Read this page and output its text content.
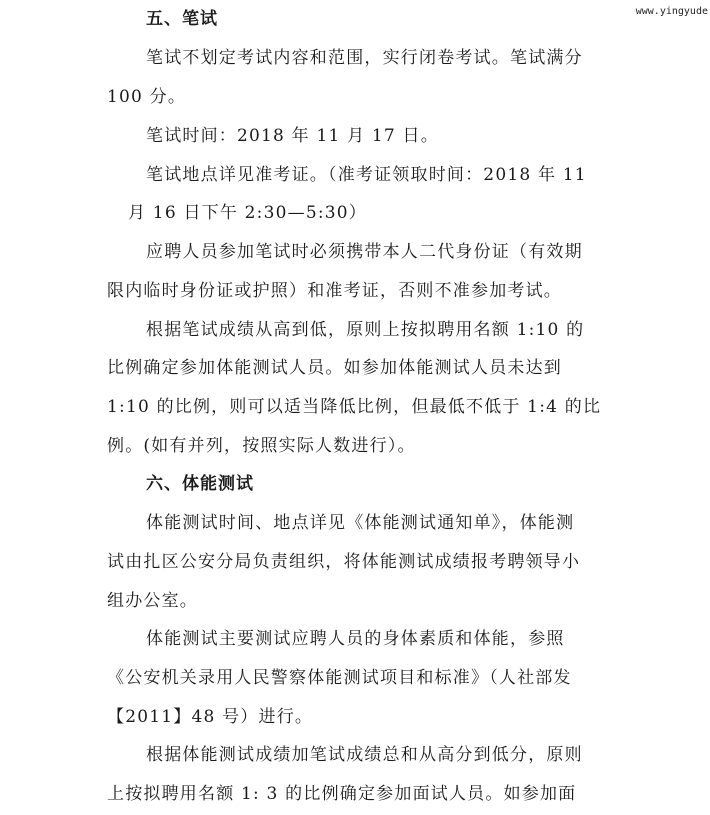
www.yingyude
五、笔试
笔试不划定考试内容和范围，实行闭卷考试。笔试满分
100 分。
笔试时间：2018 年 11 月 17 日。
笔试地点详见准考证。（准考证领取时间：2018 年 11
月 16 日下午 2:30—5:30）
应聘人员参加笔试时必须携带本人二代身份证（有效期
限内临时身份证或护照）和准考证，否则不准参加考试。
根据笔试成绩从高到低，原则上按拟聘用名额 1:10 的
比例确定参加体能测试人员。如参加体能测试人员未达到
1:10 的比例，则可以适当降低比例，但最低不低于 1:4 的比
例。(如有并列，按照实际人数进行）。
六、体能测试
体能测试时间、地点详见《体能测试通知单》，体能测
试由扎区公安分局负责组织，将体能测试成绩报考聘领导小
组办公室。
体能测试主要测试应聘人员的身体素质和体能，参照
《公安机关录用人民警察体能测试项目和标准》（人社部发
【2011】48 号）进行。
根据体能测试成绩加笔试成绩总和从高分到低分，原则
上按拟聘用名额 1: 3 的比例确定参加面试人员。如参加面
